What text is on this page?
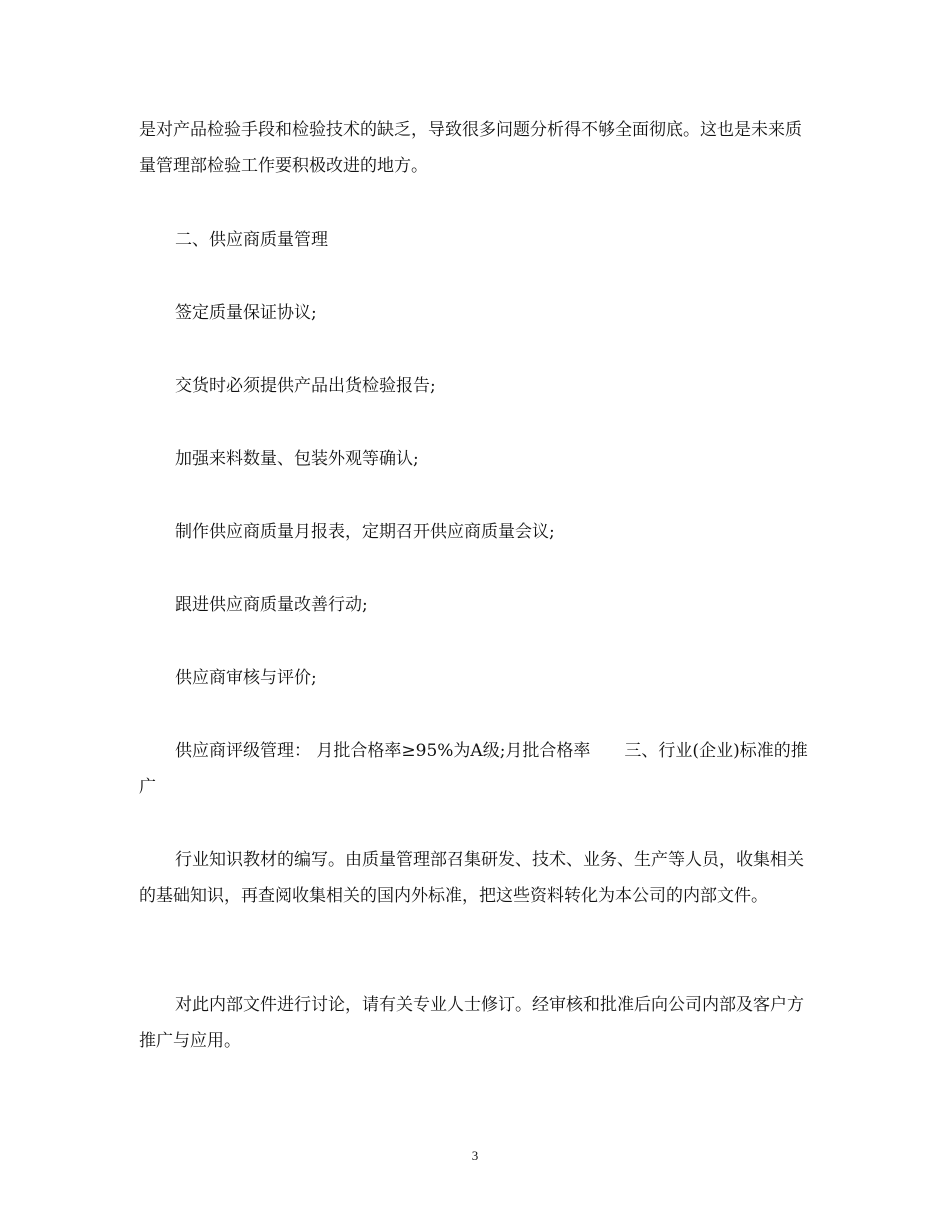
是对产品检验手段和检验技术的缺乏，导致很多问题分析得不够全面彻底。这也是未来质量管理部检验工作要积极改进的地方。

二、供应商质量管理

签定质量保证协议;

交货时必须提供产品出货检验报告;

加强来料数量、包装外观等确认;

制作供应商质量月报表，定期召开供应商质量会议;

跟进供应商质量改善行动;

供应商审核与评价;

供应商评级管理： 月批合格率≥95%为A级;月批合格率　　三、行业(企业)标准的推广

行业知识教材的编写。由质量管理部召集研发、技术、业务、生产等人员，收集相关的基础知识，再查阅收集相关的国内外标准，把这些资料转化为本公司的内部文件。

对此内部文件进行讨论，请有关专业人士修订。经审核和批准后向公司内部及客户方推广与应用。

3
